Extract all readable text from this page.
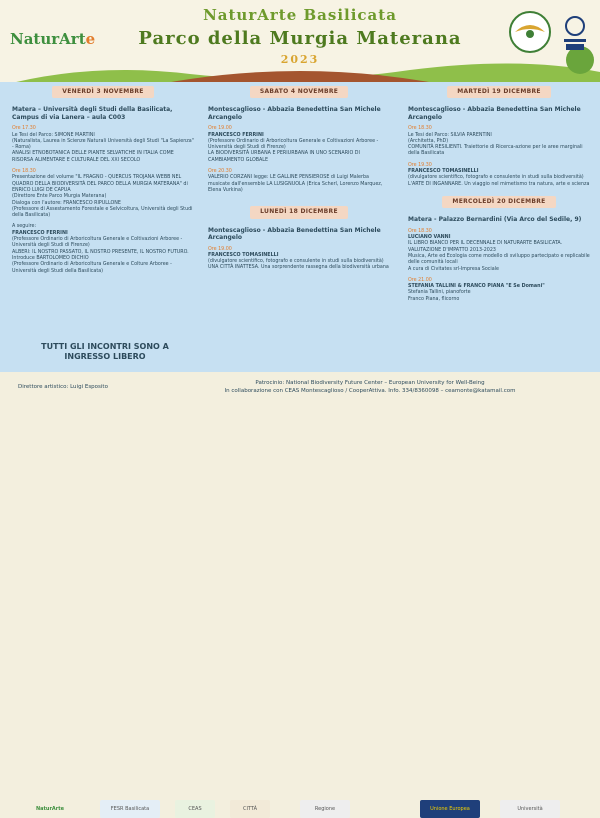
NaturArte
NaturArte Basilicata
Parco della Murgia Materana
2023
VENERDÌ 3 NOVEMBRE
Matera – Università degli Studi della Basilicata, Campus di via Lanera – aula C003
Ore 17.30
Le Tesi del Parco: SIMONE MARTINI
(Naturalista, Laurea in Scienze Naturali Università degli Studi "La Sapienza" - Roma)
ANALISI ETNOBOTANICA DELLE PIANTE SELVATICHE IN ITALIA COME RISORSA ALIMENTARE E CULTURALE DEL XXI SECOLO
Ore 18.30
Presentazione del volume "IL FRAGNO - QUERCUS TROJANA WEBB NEL QUADRO DELLA BIODIVERSITÀ DEL PARCO DELLA MURGIA MATERANA" di ENRICO LUIGI DE CAPUA
(Direttore Ente Parco Murgia Materana)
Dialoga con l'autore: FRANCESCO RIPULLONE
(Professore di Assestamento Forestale e Selvicoltura, Università degli Studi della Basilicata)
A seguire:
FRANCESCO FERRINI
(Professore Ordinario di Arboricoltura Generale e Coltivazioni Arboree - Università degli Studi di Firenze)
ALBERI: IL NOSTRO PASSATO, IL NOSTRO PRESENTE, IL NOSTRO FUTURO. Introduce BARTOLOMEO DICHIO
(Professore Ordinario di Arboricoltura Generale e Colture Arboree - Università degli Studi della Basilicata)
SABATO 4 NOVEMBRE
Montescaglioso - Abbazia Benedettina San Michele Arcangelo
Ore 19.00
FRANCESCO FERRINI
(Professore Ordinario di Arboricoltura Generale e Coltivazioni Arboree - Università degli Studi di Firenze)
LA BIODIVERSITÀ URBANA E PERIURBANA IN UNO SCENARIO DI CAMBIAMENTO GLOBALE
Ore 20.30
VALERIO CORZANI legge: LE GALLINE PENSIEROSE di Luigi Malerba musicate dall'ensemble LA LUSIGNUOLA (Erica Scherl, Lorenzo Marquez, Elena Vurkina)
LUNEDÌ 18 DICEMBRE
Montescaglioso - Abbazia Benedettina San Michele Arcangelo
Ore 19.00
FRANCESCO TOMASINELLI
(divulgatore scientifico, fotografo e consulente in studi sulla biodiversità)
UNA CITTÀ INATTESA. Una sorprendente rassegna della biodiversità urbana
MARTEDÌ 19 DICEMBRE
Montescaglioso - Abbazia Benedettina San Michele Arcangelo
Ore 18.30
Le Tesi del Parco: SILVIA PARENTINI
(Architetta, PhD)
COMUNITÀ RESILIENTI. Traiettorie di Ricerca-azione per le aree marginali della Basilicata
Ore 19.30
FRANCESCO TOMASINELLI
(divulgatore scientifico, fotografo e consulente in studi sulla biodiversità)
L'ARTE DI INGANNARE. Un viaggio nel mimetismo tra natura, arte e scienza
MERCOLEDÌ 20 DICEMBRE
Matera - Palazzo Bernardini (Via Arco del Sedile, 9)
Ore 18.30
LUCIANO VANNI
IL LIBRO BIANCO PER IL DECENNALE DI NATURARTE BASILICATA. VALUTAZIONE D'IMPATTO 2013-2023
Musica, Arte ed Ecologia come modello di sviluppo partecipato e replicabile delle comunità locali
A cura di Civitates srl-Impresa Sociale
Ore 21.00
STEFANIA TALLINI & FRANCO PIANA "E Se Domani"
Stefania Tallini, pianoforte
Franco Piana, flicorno
TUTTI GLI INCONTRI SONO A INGRESSO LIBERO
Direttore artistico: Luigi Esposito
Patrocinio: National Biodiversity Future Center – European University for Well-Being
In collaborazione con CEAS Montescaglioso / CooperAttiva. Info. 334/8360098 – ceamonte@katamail.com
NaturArte	FESR Basilicata	CEAS	CITTÀ	Regione	Unione Europea	Università
